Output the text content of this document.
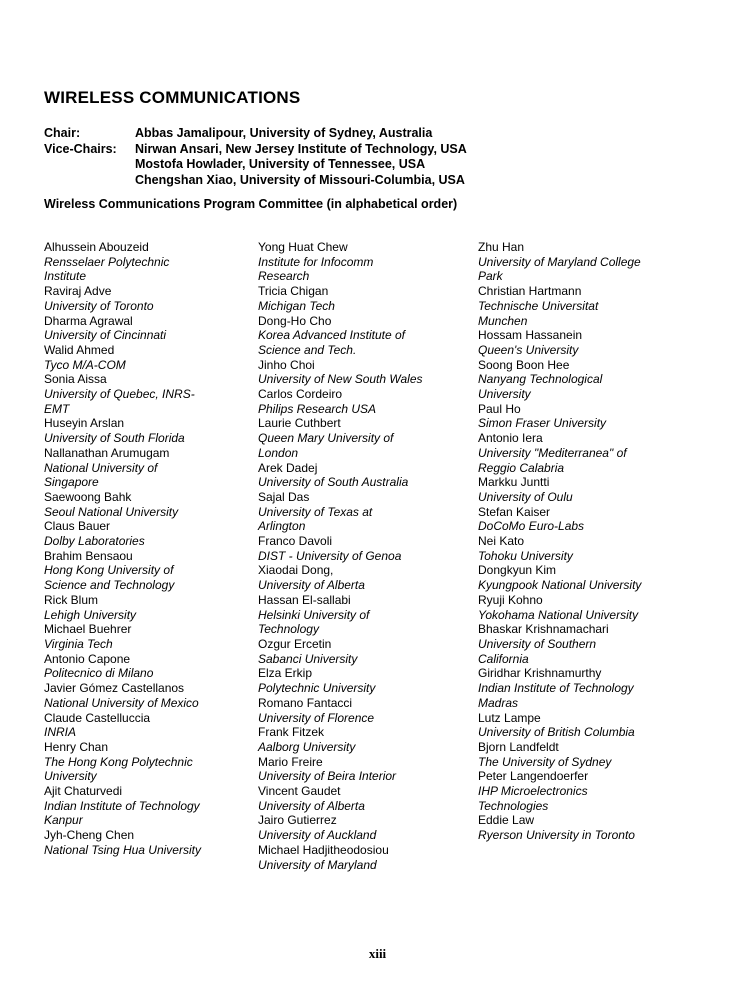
WIRELESS COMMUNICATIONS
Chair:	Abbas Jamalipour, University of Sydney, Australia
Vice-Chairs:	Nirwan Ansari, New Jersey Institute of Technology, USA
Mostofa Howlader, University of Tennessee, USA
Chengshan Xiao, University of Missouri-Columbia, USA
Wireless Communications Program Committee (in alphabetical order)
Alhussein Abouzeid
Rensselaer Polytechnic
Institute
Raviraj Adve
University of Toronto
Dharma Agrawal
University of Cincinnati
Walid Ahmed
Tyco M/A-COM
Sonia Aissa
University of Quebec, INRS-
EMT
Huseyin Arslan
University of South Florida
Nallanathan Arumugam
National University of
Singapore
Saewoong Bahk
Seoul National University
Claus Bauer
Dolby Laboratories
Brahim Bensaou
Hong Kong University of
Science and Technology
Rick Blum
Lehigh University
Michael Buehrer
Virginia Tech
Antonio Capone
Politecnico di Milano
Javier Gómez Castellanos
National University of Mexico
Claude Castelluccia
INRIA
Henry Chan
The Hong Kong Polytechnic
University
Ajit Chaturvedi
Indian Institute of Technology
Kanpur
Jyh-Cheng Chen
National Tsing Hua University
Yong Huat Chew
Institute for Infocomm
Research
Tricia Chigan
Michigan Tech
Dong-Ho Cho
Korea Advanced Institute of
Science and Tech.
Jinho Choi
University of New South Wales
Carlos Cordeiro
Philips Research USA
Laurie Cuthbert
Queen Mary University of
London
Arek Dadej
University of South Australia
Sajal Das
University of Texas at
Arlington
Franco Davoli
DIST - University of Genoa
Xiaodai Dong,
University of Alberta
Hassan El-sallabi
Helsinki University of
Technology
Ozgur Ercetin
Sabanci University
Elza Erkip
Polytechnic University
Romano Fantacci
University of Florence
Frank Fitzek
Aalborg University
Mario Freire
University of Beira Interior
Vincent Gaudet
University of Alberta
Jairo Gutierrez
University of Auckland
Michael Hadjitheodosiou
University of Maryland
Zhu Han
University of Maryland College
Park
Christian Hartmann
Technische Universitat
Munchen
Hossam Hassanein
Queen's University
Soong Boon Hee
Nanyang Technological
University
Paul Ho
Simon Fraser University
Antonio Iera
University "Mediterranea" of
Reggio Calabria
Markku Juntti
University of Oulu
Stefan Kaiser
DoCoMo Euro-Labs
Nei Kato
Tohoku University
Dongkyun Kim
Kyungpook National University
Ryuji Kohno
Yokohama National University
Bhaskar Krishnamachari
University of Southern
California
Giridhar Krishnamurthy
Indian Institute of Technology
Madras
Lutz Lampe
University of British Columbia
Bjorn Landfeldt
The University of Sydney
Peter Langendoerfer
IHP Microelectronics
Technologies
Eddie Law
Ryerson University in Toronto
xiii
